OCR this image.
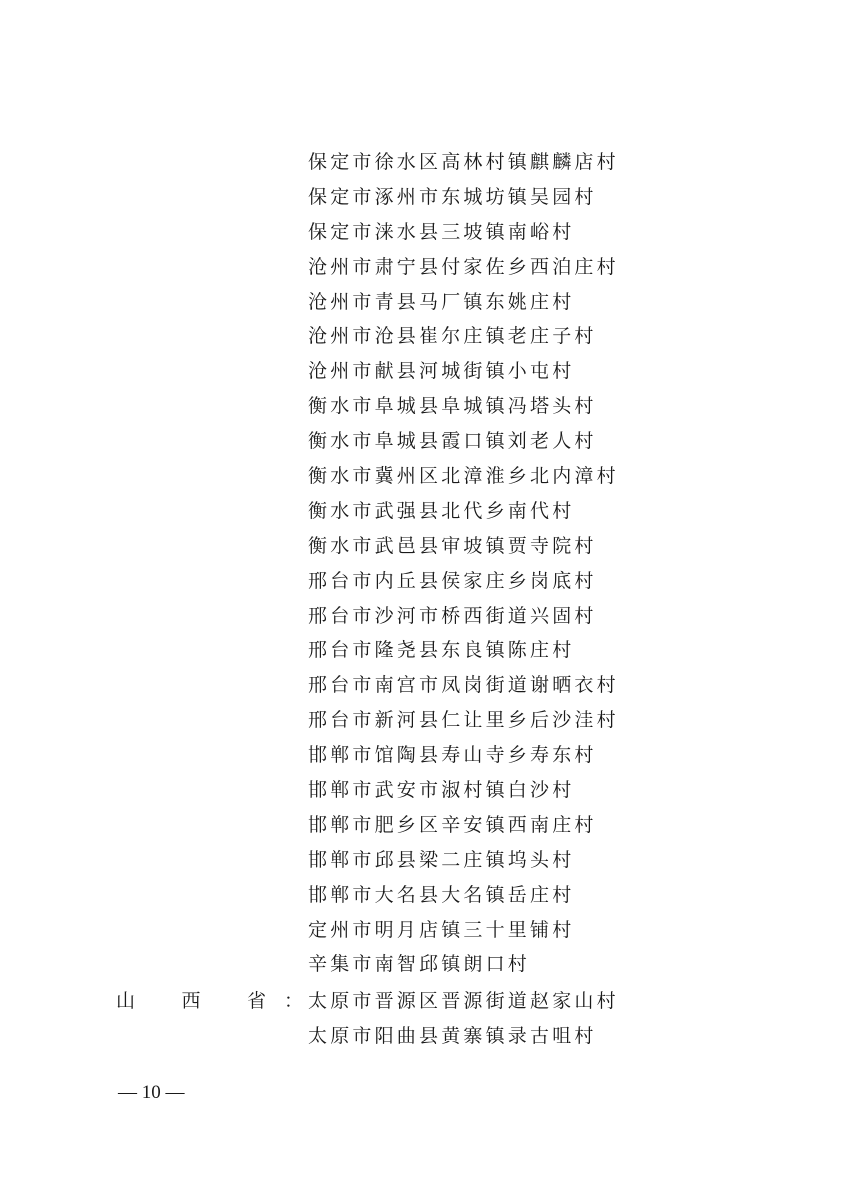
保定市徐水区高林村镇麒麟店村
保定市涿州市东城坊镇吴园村
保定市涞水县三坡镇南峪村
沧州市肃宁县付家佐乡西泊庄村
沧州市青县马厂镇东姚庄村
沧州市沧县崔尔庄镇老庄子村
沧州市献县河城街镇小屯村
衡水市阜城县阜城镇冯塔头村
衡水市阜城县霞口镇刘老人村
衡水市冀州区北漳淮乡北内漳村
衡水市武强县北代乡南代村
衡水市武邑县审坡镇贾寺院村
邢台市内丘县侯家庄乡岗底村
邢台市沙河市桥西街道兴固村
邢台市隆尧县东良镇陈庄村
邢台市南宫市凤岗街道谢晒衣村
邢台市新河县仁让里乡后沙洼村
邯郸市馆陶县寿山寺乡寿东村
邯郸市武安市淑村镇白沙村
邯郸市肥乡区辛安镇西南庄村
邯郸市邱县梁二庄镇坞头村
邯郸市大名县大名镇岳庄村
定州市明月店镇三十里铺村
辛集市南智邱镇朗口村
山 西 省 ： 太原市晋源区晋源街道赵家山村
太原市阳曲县黄寨镇录古咀村
— 10 —
